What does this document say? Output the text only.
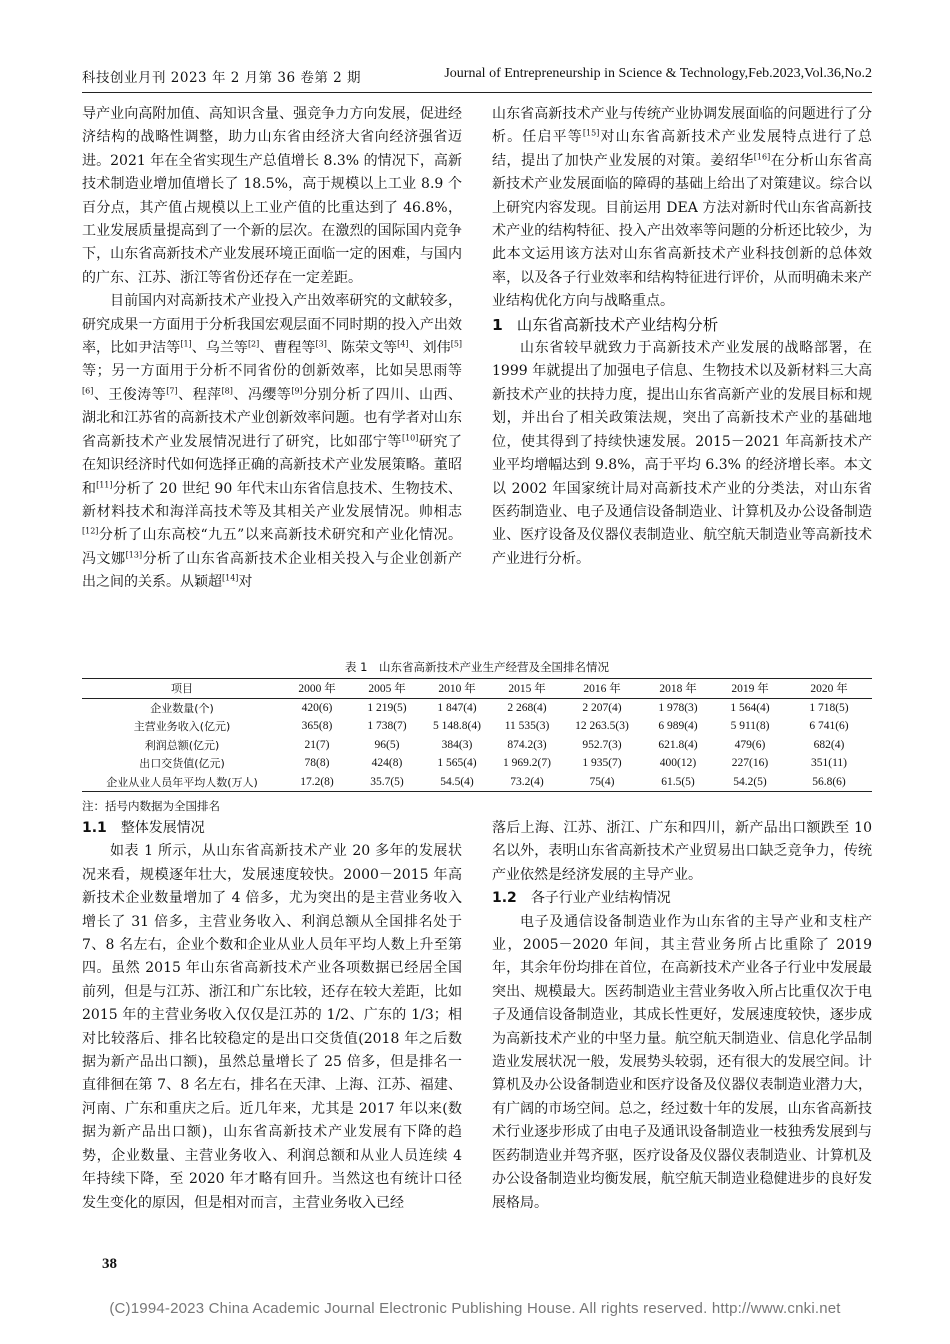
科技创业月刊 2023 年 2 月第 36 卷第 2 期	Journal of Entrepreneurship in Science & Technology,Feb.2023,Vol.36,No.2

导产业向高附加值、高知识含量、强竞争力方向发展，促进经济结构的战略性调整，助力山东省由经济大省向经济强省迈进。2021 年在全省实现生产总值增长 8.3% 的情况下，高新技术制造业增加值增长了 18.5%，高于规模以上工业 8.9 个百分点，其产值占规模以上工业产值的比重达到了 46.8%，工业发展质量提高到了一个新的层次。在激烈的国际国内竞争下，山东省高新技术产业发展环境正面临一定的困难，与国内的广东、江苏、浙江等省份还存在一定差距。

目前国内对高新技术产业投入产出效率研究的文献较多，研究成果一方面用于分析我国宏观层面不同时期的投入产出效率，比如尹洁等[1]、乌兰等[2]、曹程等[3]、陈荣文等[4]、刘伟[5]等；另一方面用于分析不同省份的创新效率，比如吴思雨等[6]、王俊涛等[7]、程萍[8]、冯缨等[9]分别分析了四川、山西、湖北和江苏省的高新技术产业创新效率问题。也有学者对山东省高新技术产业发展情况进行了研究，比如邵宁等[10]研究了在知识经济时代如何选择正确的高新技术产业发展策略。董昭和[11]分析了 20 世纪 90 年代末山东省信息技术、生物技术、新材料技术和海洋高技术等及其相关产业发展情况。帅相志[12]分析了山东高校“九五”以来高新技术研究和产业化情况。冯文娜[13]分析了山东省高新技术企业相关投入与企业创新产出之间的关系。从颖超[14]对

山东省高新技术产业与传统产业协调发展面临的问题进行了分析。任启平等[15]对山东省高新技术产业发展特点进行了总结，提出了加快产业发展的对策。姜绍华[16]在分析山东省高新技术产业发展面临的障碍的基础上给出了对策建议。综合以上研究内容发现。目前运用 DEA 方法对新时代山东省高新技术产业的结构特征、投入产出效率等问题的分析还比较少，为此本文运用该方法对山东省高新技术产业科技创新的总体效率，以及各子行业效率和结构特征进行评价，从而明确未来产业结构优化方向与战略重点。

1 山东省高新技术产业结构分析

山东省较早就致力于高新技术产业发展的战略部署，在 1999 年就提出了加强电子信息、生物技术以及新材料三大高新技术产业的扶持力度，提出山东省高新产业的发展目标和规划，并出台了相关政策法规，突出了高新技术产业的基础地位，使其得到了持续快速发展。2015－2021 年高新技术产业平均增幅达到 9.8%，高于平均 6.3% 的经济增长率。本文以 2002 年国家统计局对高新技术产业的分类法，对山东省医药制造业、电子及通信设备制造业、计算机及办公设备制造业、医疗设备及仪器仪表制造业、航空航天制造业等高新技术产业进行分析。

表 1　山东省高新技术产业生产经营及全国排名情况
项目	2000 年	2005 年	2010 年	2015 年	2016 年	2018 年	2019 年	2020 年
企业数量(个)	420(6)	1 219(5)	1 847(4)	2 268(4)	2 207(4)	1 978(3)	1 564(4)	1 718(5)
主营业务收入(亿元)	365(8)	1 738(7)	5 148.8(4)	11 535(3)	12 263.5(3)	6 989(4)	5 911(8)	6 741(6)
利润总额(亿元)	21(7)	96(5)	384(3)	874.2(3)	952.7(3)	621.8(4)	479(6)	682(4)
出口交货值(亿元)	78(8)	424(8)	1 565(4)	1 969.2(7)	1 935(7)	400(12)	227(16)	351(11)
企业从业人员年平均人数(万人)	17.2(8)	35.7(5)	54.5(4)	73.2(4)	75(4)	61.5(5)	54.2(5)	56.8(6)
注：括号内数据为全国排名
1.1 整体发展情况

如表 1 所示，从山东省高新技术产业 20 多年的发展状况来看，规模逐年壮大，发展速度较快。2000－2015 年高新技术企业数量增加了 4 倍多，尤为突出的是主营业务收入增长了 31 倍多，主营业务收入、利润总额从全国排名处于 7、8 名左右，企业个数和企业从业人员年平均人数上升至第四。虽然 2015 年山东省高新技术产业各项数据已经居全国前列，但是与江苏、浙江和广东比较，还存在较大差距，比如 2015 年的主营业务收入仅仅是江苏的 1/2、广东的 1/3；相对比较落后、排名比较稳定的是出口交货值(2018 年之后数据为新产品出口额)，虽然总量增长了 25 倍多，但是排名一直徘徊在第 7、8 名左右，排名在天津、上海、江苏、福建、河南、广东和重庆之后。近几年来，尤其是 2017 年以来(数据为新产品出口额)，山东省高新技术产业发展有下降的趋势，企业数量、主营业务收入、利润总额和从业人员连续 4 年持续下降，至 2020 年才略有回升。当然这也有统计口径发生变化的原因，但是相对而言，主营业务收入已经

落后上海、江苏、浙江、广东和四川，新产品出口额跌至 10 名以外，表明山东省高新技术产业贸易出口缺乏竞争力，传统产业依然是经济发展的主导产业。

1.2 各子行业产业结构情况

电子及通信设备制造业作为山东省的主导产业和支柱产业，2005－2020 年间，其主营业务所占比重除了 2019 年，其余年份均排在首位，在高新技术产业各子行业中发展最突出、规模最大。医药制造业主营业务收入所占比重仅次于电子及通信设备制造业，其成长性更好，发展速度较快，逐步成为高新技术产业的中坚力量。航空航天制造业、信息化学品制造业发展状况一般，发展势头较弱，还有很大的发展空间。计算机及办公设备制造业和医疗设备及仪器仪表制造业潜力大，有广阔的市场空间。总之，经过数十年的发展，山东省高新技术行业逐步形成了由电子及通讯设备制造业一枝独秀发展到与医药制造业并驾齐驱，医疗设备及仪器仪表制造业、计算机及办公设备制造业均衡发展，航空航天制造业稳健进步的良好发展格局。

38
(C)1994-2023 China Academic Journal Electronic Publishing House. All rights reserved. http://www.cnki.net
